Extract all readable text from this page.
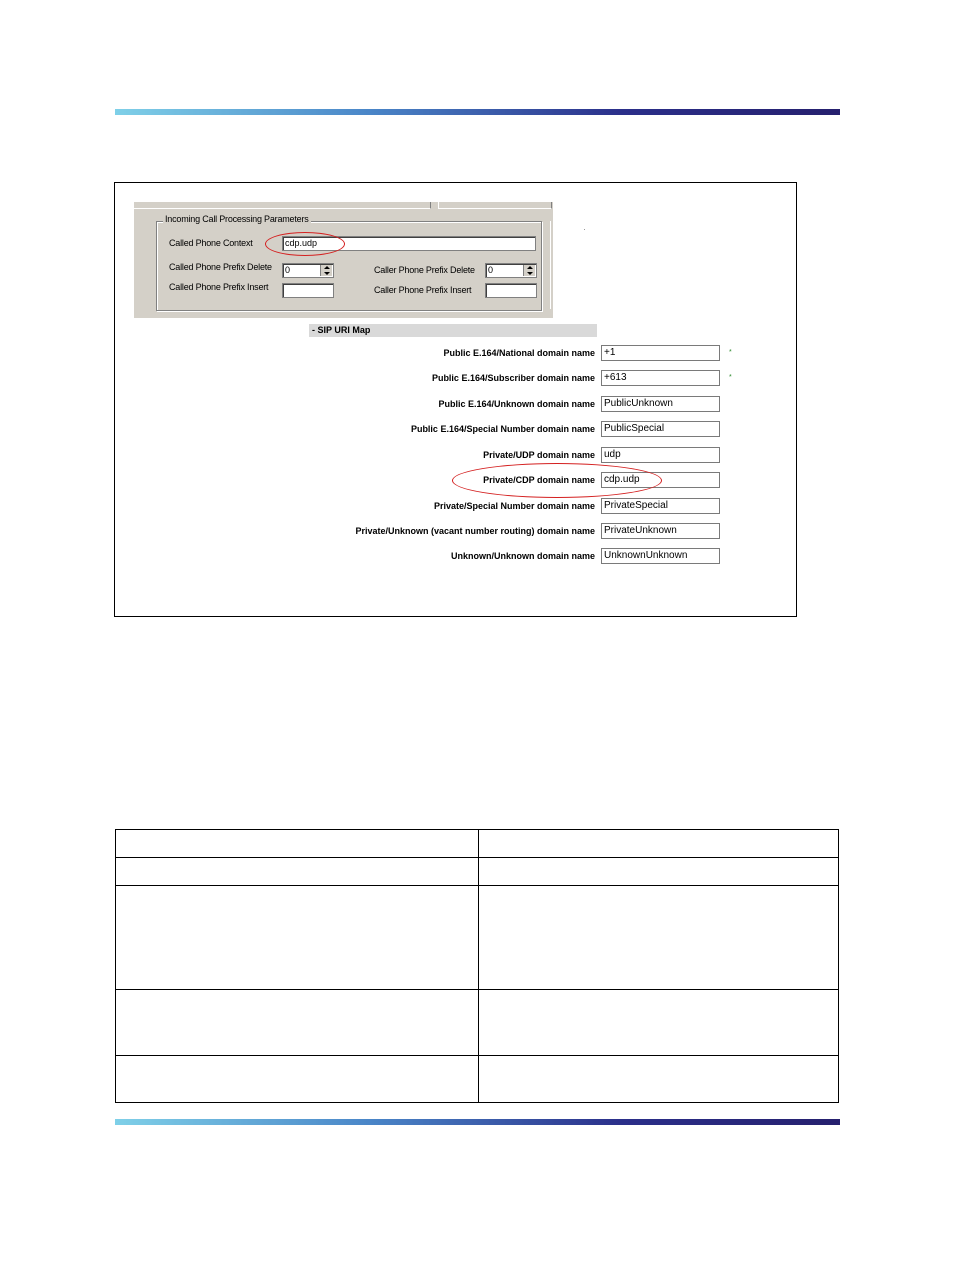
Incoming Call Processing Parameters
Called Phone Context	cdp.udp
Called Phone Prefix Delete	0
Called Phone Prefix Insert
Caller Phone Prefix Delete	0
Caller Phone Prefix Insert
- SIP URI Map
Public E.164/National domain name +1	*
Public E.164/Subscriber domain name +613	*
Public E.164/Unknown domain name PublicUnknown
Public E.164/Special Number domain name PublicSpecial
Private/UDP domain name udp
Private/CDP domain name cdp.udp
Private/Special Number domain name PrivateSpecial
Private/Unknown (vacant number routing) domain name PrivateUnknown
Unknown/Unknown domain name UnknownUnknown
